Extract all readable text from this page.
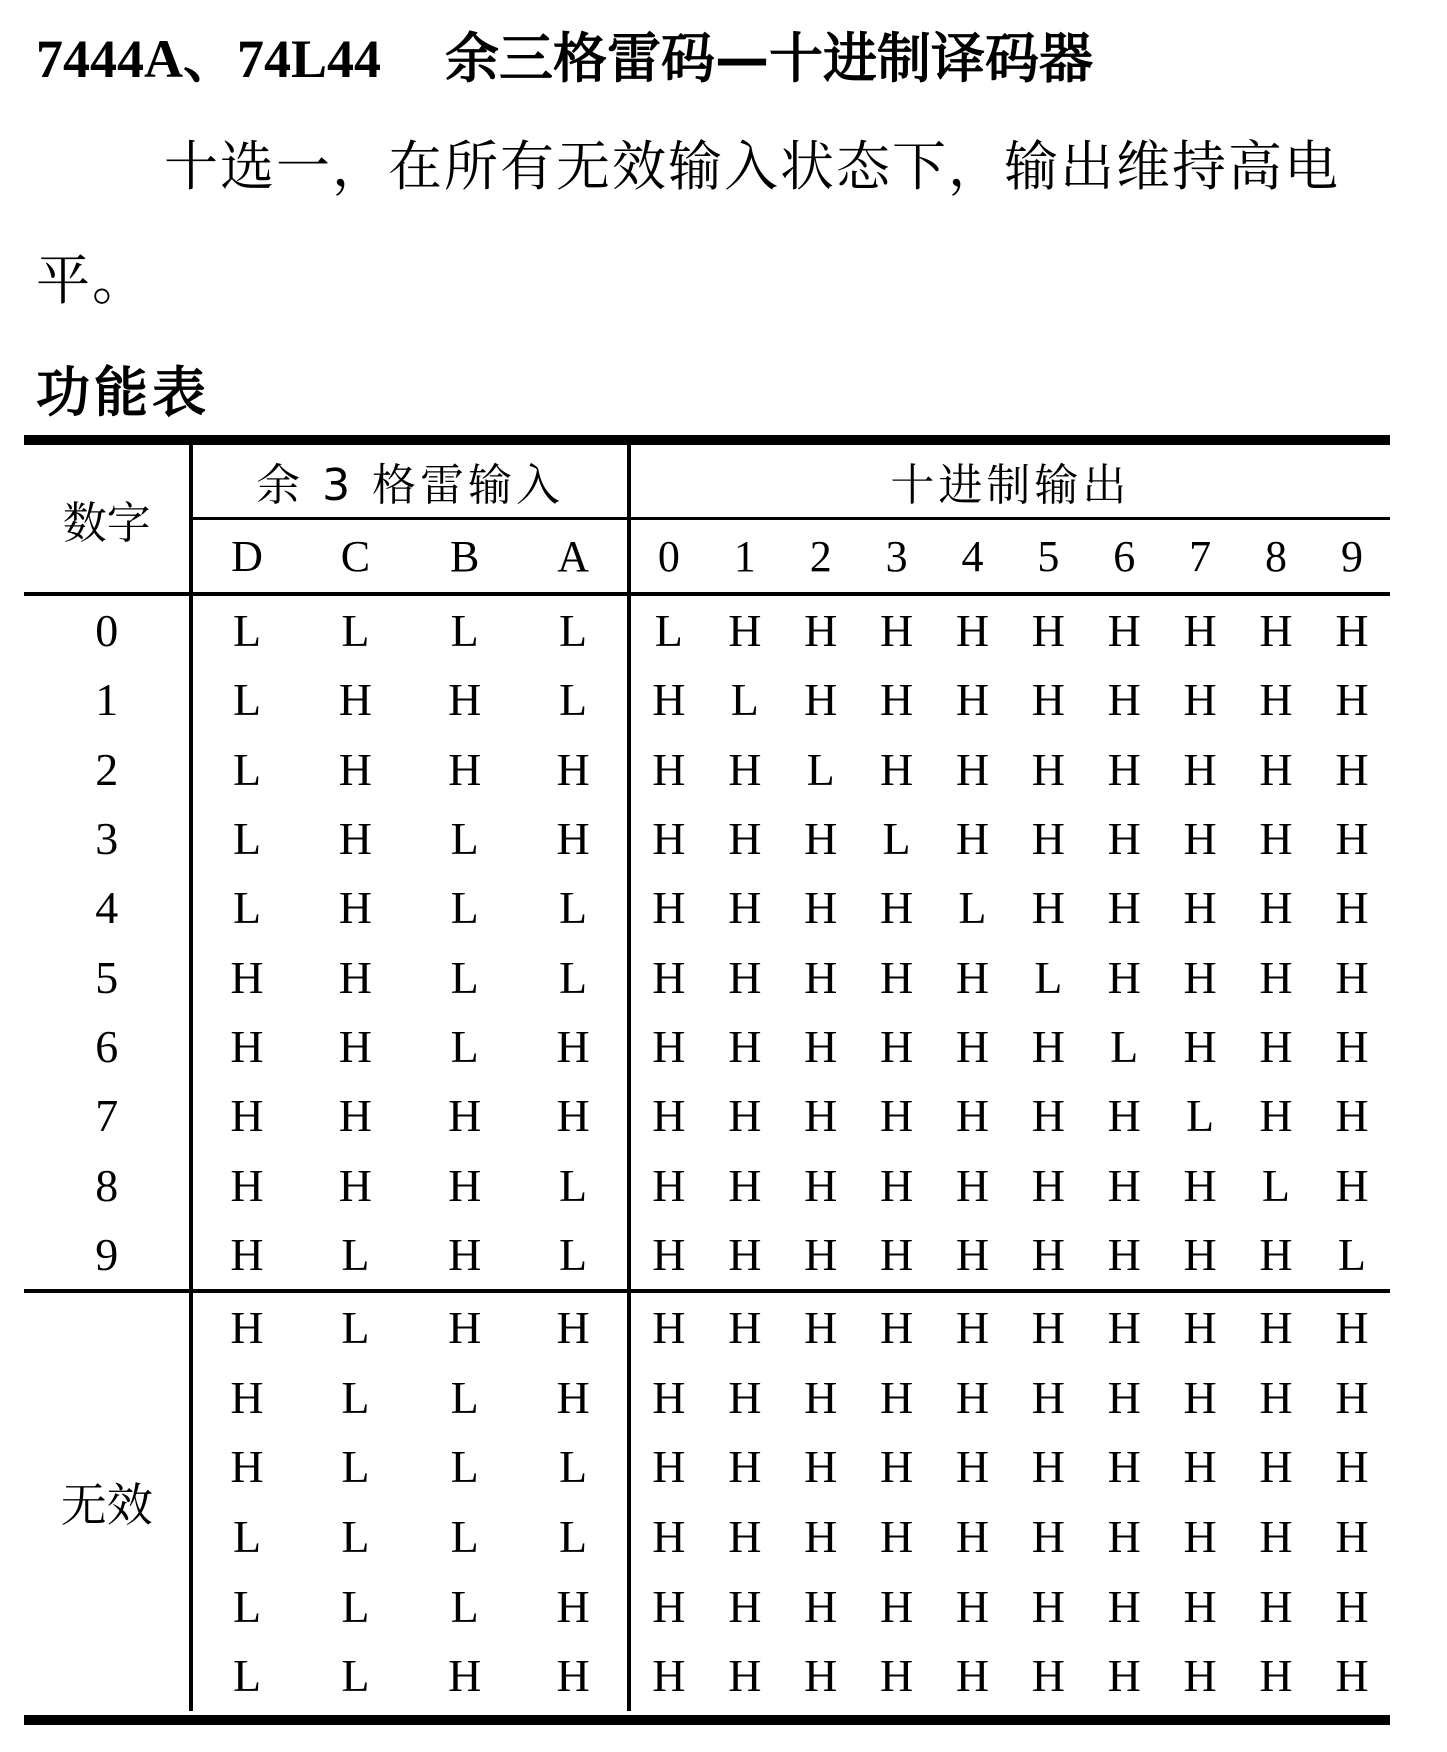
7444A、74L44 余三格雷码—十进制译码器

十选一，在所有无效输入状态下，输出维持高电平。

功能表
数字	余 3 格雷输入				十进制输出									
	D	C	B	A	0	1	2	3	4	5	6	7	8	9
0	L	L	L	L	L	H	H	H	H	H	H	H	H	H
1	L	H	H	L	H	L	H	H	H	H	H	H	H	H
2	L	H	H	H	H	H	L	H	H	H	H	H	H	H
3	L	H	L	H	H	H	H	L	H	H	H	H	H	H
4	L	H	L	L	H	H	H	H	L	H	H	H	H	H
5	H	H	L	L	H	H	H	H	H	L	H	H	H	H
6	H	H	L	H	H	H	H	H	H	H	L	H	H	H
7	H	H	H	H	H	H	H	H	H	H	H	L	H	H
8	H	H	H	L	H	H	H	H	H	H	H	H	L	H
9	H	L	H	L	H	H	H	H	H	H	H	H	H	L
无效	H	L	H	H	H	H	H	H	H	H	H	H	H	H
	H	L	L	H	H	H	H	H	H	H	H	H	H	H
	H	L	L	L	H	H	H	H	H	H	H	H	H	H
	L	L	L	L	H	H	H	H	H	H	H	H	H	H
	L	L	L	H	H	H	H	H	H	H	H	H	H	H
	L	L	H	H	H	H	H	H	H	H	H	H	H	H
